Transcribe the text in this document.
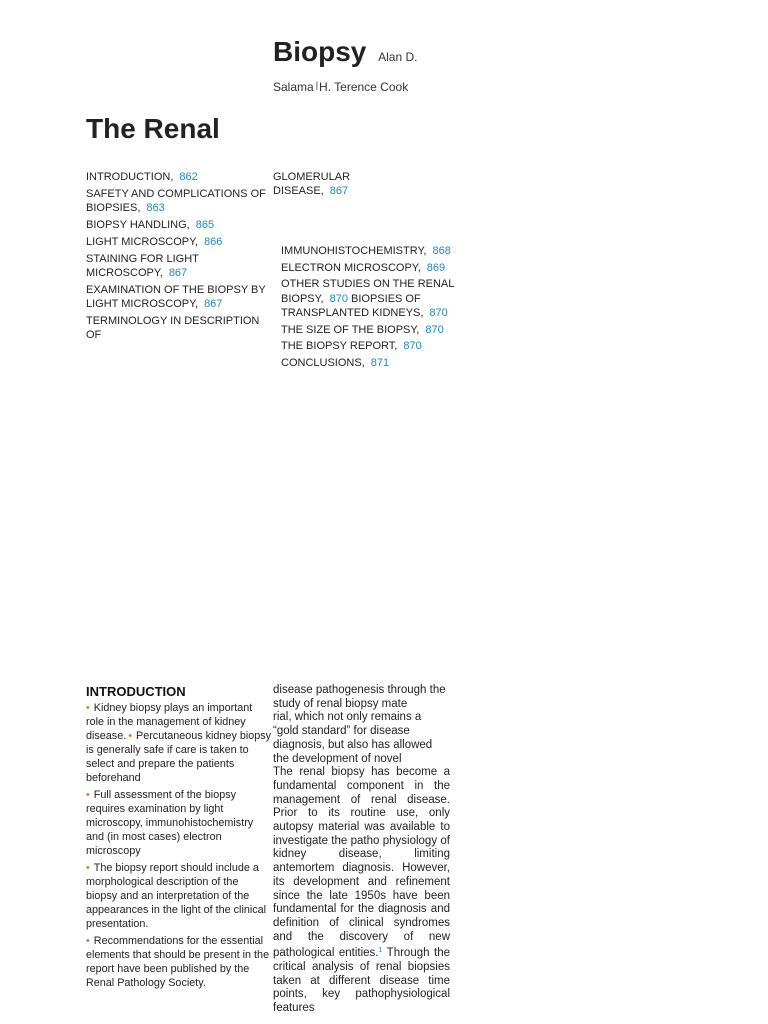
Biopsy Alan D.
Salama |H. Terence Cook
The Renal
INTRODUCTION, 862
SAFETY AND COMPLICATIONS OF BIOPSIES, 863
BIOPSY HANDLING, 865
LIGHT MICROSCOPY, 866
STAINING FOR LIGHT MICROSCOPY, 867
EXAMINATION OF THE BIOPSY BY LIGHT MICROSCOPY, 867
TERMINOLOGY IN DESCRIPTION OF
GLOMERULAR DISEASE, 867
IMMUNOHISTOCHEMISTRY, 868
ELECTRON MICROSCOPY, 869
OTHER STUDIES ON THE RENAL BIOPSY, 870 BIOPSIES OF TRANSPLANTED KIDNEYS, 870
THE SIZE OF THE BIOPSY, 870
THE BIOPSY REPORT, 870
CONCLUSIONS, 871
INTRODUCTION
• Kidney biopsy plays an important role in the management of kidney disease. • Percutaneous kidney biopsy is generally safe if care is taken to select and prepare the patients beforehand
• Full assessment of the biopsy requires examination by light microscopy, immunohistochemistry and (in most cases) electron microscopy
• The biopsy report should include a morphological description of the biopsy and an interpretation of the appearances in the light of the clinical presentation.
• Recommendations for the essential elements that should be present in the report have been published by the Renal Pathology Society.
disease pathogenesis through the
study of renal biopsy mate
rial, which not only remains a “gold standard” for disease
diagnosis, but also has allowed the development of novel

The renal biopsy has become a fundamental component in the management of renal disease. Prior to its routine use, only autopsy material was available to investigate the patho physiology of kidney disease, limiting antemortem diagnosis. However, its development and refinement since the late 1950s have been fundamental for the diagnosis and definition of clinical syndromes and the discovery of new pathological entities.$^1$ Through the critical analysis of renal biopsies taken at different disease time points, key pathophysiological features
